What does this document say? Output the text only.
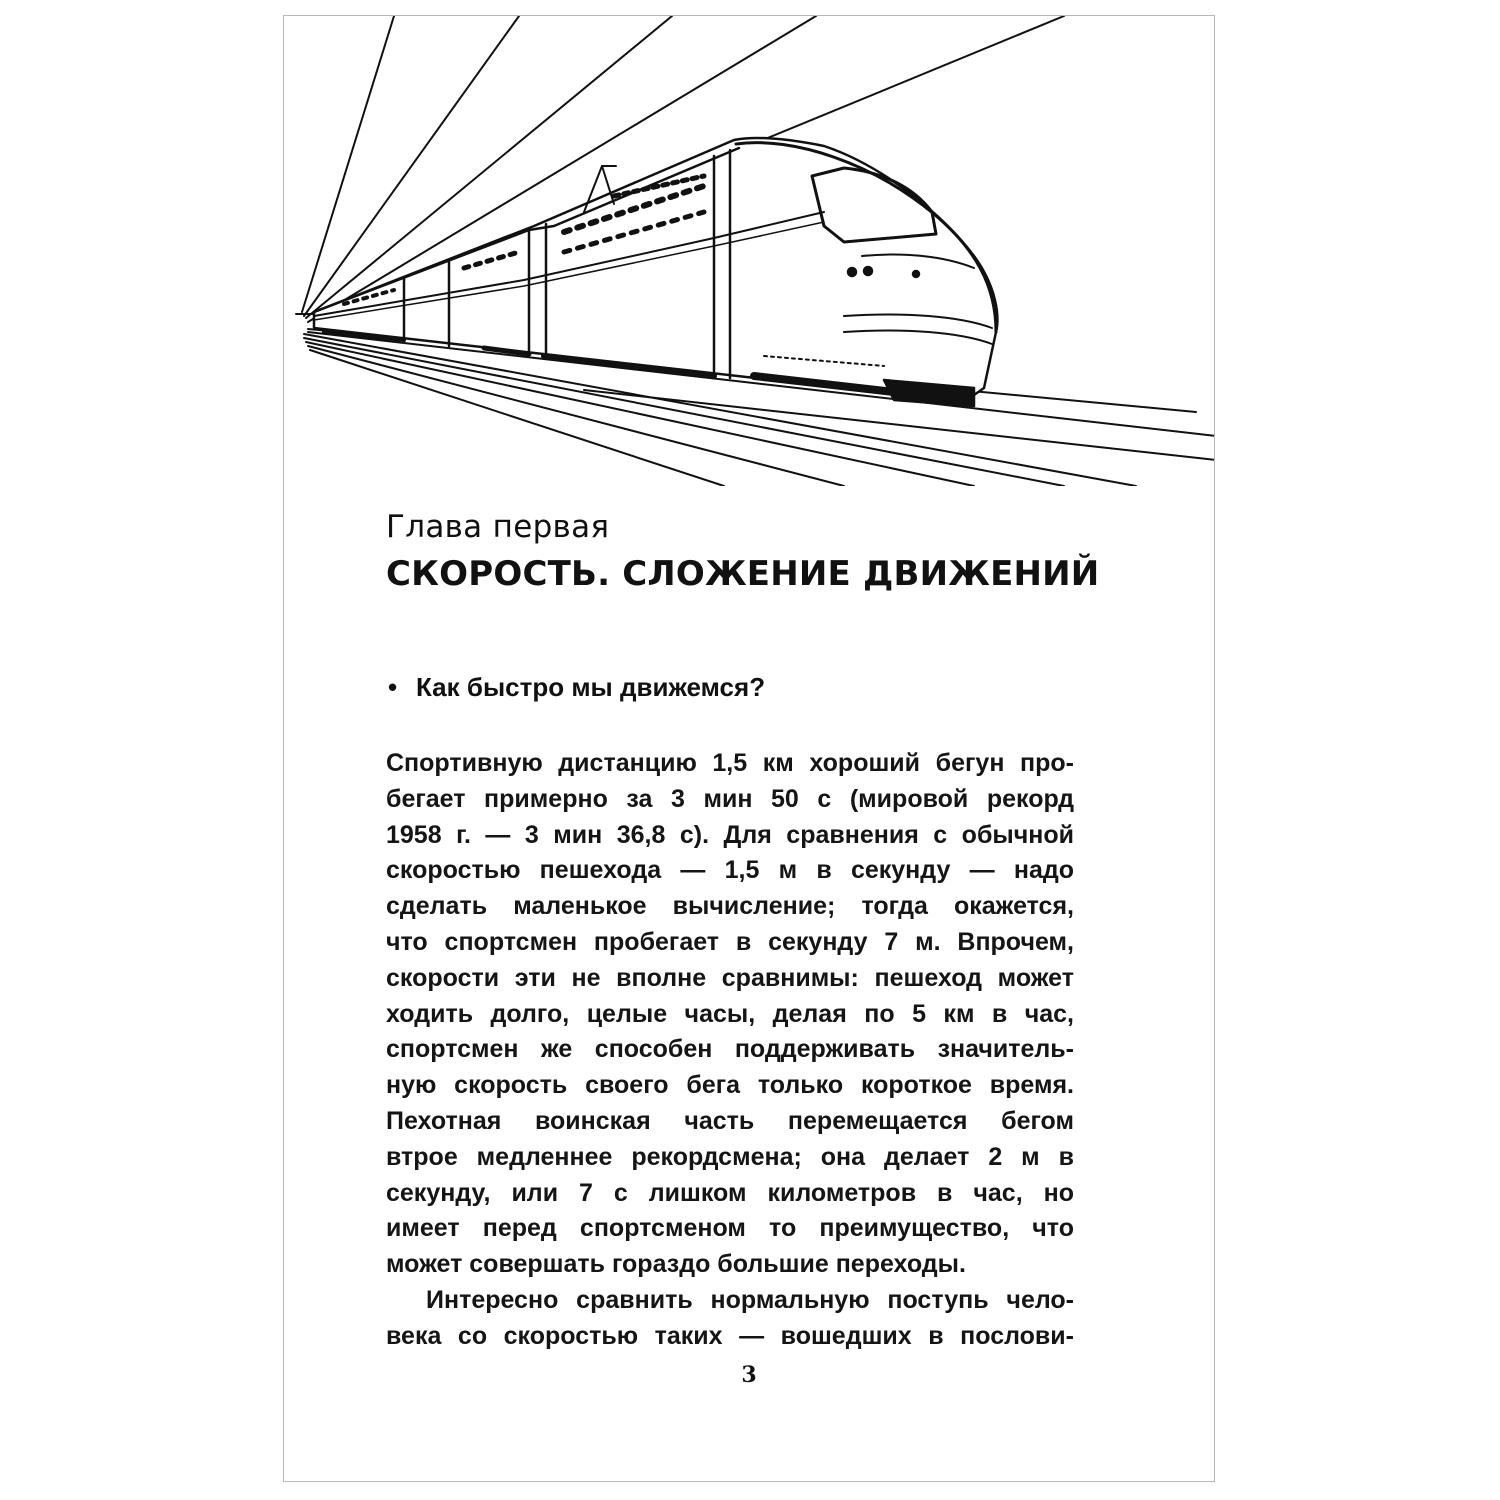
Глава первая
СКОРОСТЬ. СЛОЖЕНИЕ ДВИЖЕНИЙ
• Как быстро мы движемся?
Спортивную дистанцию 1,5 км хороший бегун про-
бегает примерно за 3 мин 50 с (мировой рекорд
1958 г. — 3 мин 36,8 с). Для сравнения с обычной
скоростью пешехода — 1,5 м в секунду — надо
сделать маленькое вычисление; тогда окажется,
что спортсмен пробегает в секунду 7 м. Впрочем,
скорости эти не вполне сравнимы: пешеход может
ходить долго, целые часы, делая по 5 км в час,
спортсмен же способен поддерживать значитель-
ную скорость своего бега только короткое время.
Пехотная воинская часть перемещается бегом
втрое медленнее рекордсмена; она делает 2 м в
секунду, или 7 с лишком километров в час, но
имеет перед спортсменом то преимущество, что
может совершать гораздо большие переходы.
Интересно сравнить нормальную поступь чело-
века со скоростью таких — вошедших в послови-
3
